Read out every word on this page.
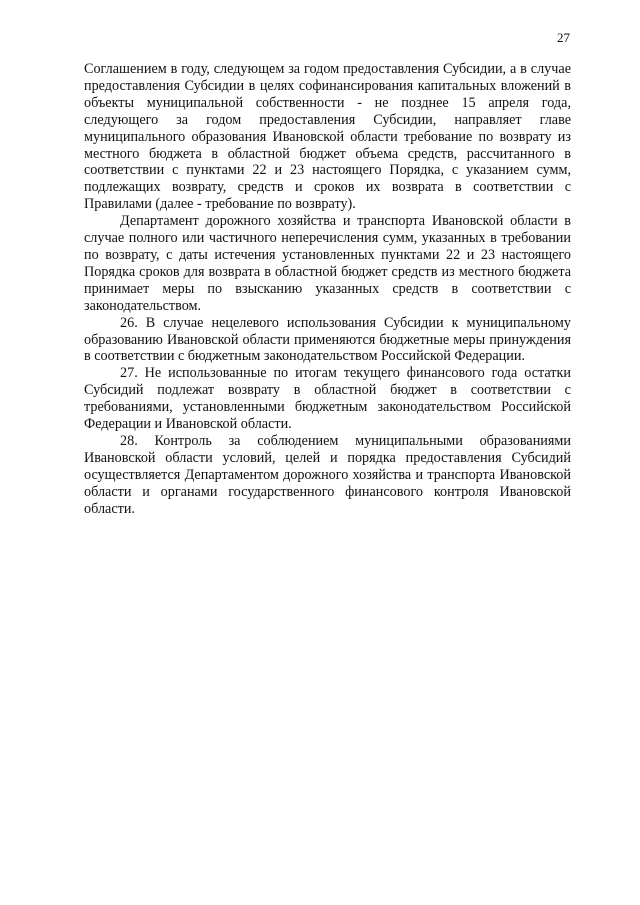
27

Соглашением в году, следующем за годом предоставления Субсидии, а в случае предоставления Субсидии в целях софинансирования капитальных вложений в объекты муниципальной собственности - не позднее 15 апреля года, следующего за годом предоставления Субсидии, направляет главе муниципального образования Ивановской области требование по возврату из местного бюджета в областной бюджет объема средств, рассчитанного в соответствии с пунктами 22 и 23 настоящего Порядка, с указанием сумм, подлежащих возврату, средств и сроков их возврата в соответствии с Правилами (далее - требование по возврату).

Департамент дорожного хозяйства и транспорта Ивановской области в случае полного или частичного неперечисления сумм, указанных в требовании по возврату, с даты истечения установленных пунктами 22 и 23 настоящего Порядка сроков для возврата в областной бюджет средств из местного бюджета принимает меры по взысканию указанных средств в соответствии с законодательством.

26. В случае нецелевого использования Субсидии к муниципальному образованию Ивановской области применяются бюджетные меры принуждения в соответствии с бюджетным законодательством Российской Федерации.

27. Не использованные по итогам текущего финансового года остатки Субсидий подлежат возврату в областной бюджет в соответствии с требованиями, установленными бюджетным законодательством Российской Федерации и Ивановской области.

28. Контроль за соблюдением муниципальными образованиями Ивановской области условий, целей и порядка предоставления Субсидий осуществляется Департаментом дорожного хозяйства и транспорта Ивановской области и органами государственного финансового контроля Ивановской области.
